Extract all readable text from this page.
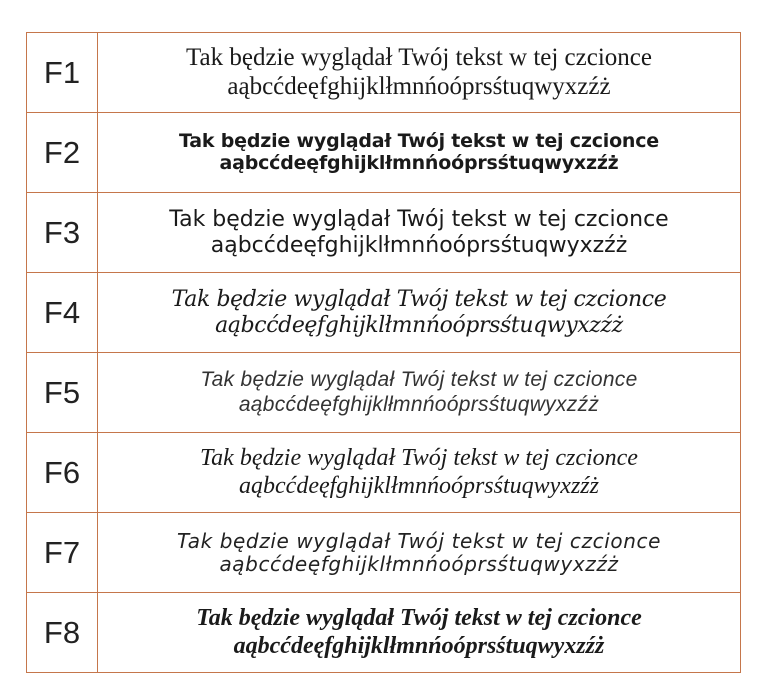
F1	Tak będzie wyglądał Twój tekst w tej czcionce
aąbcćdeęfghijklłmnńoóprsśtuqwyxzźż

F2	Tak będzie wyglądał Twój tekst w tej czcionce
aąbcćdeęfghijklłmnńoóprsśtuqwyxzźż

F3	Tak będzie wyglądał Twój tekst w tej czcionce
aąbcćdeęfghijklłmnńoóprsśtuqwyxzźż

F4	Tak będzie wyglądał Twój tekst w tej czcionce
aąbcćdeęfghijklłmnńoóprsśtuqwyxzźż

F5	Tak będzie wyglądał Twój tekst w tej czcionce
aąbcćdeęfghijklłmnńoóprsśtuqwyxzźż

F6	Tak będzie wyglądał Twój tekst w tej czcionce
aąbcćdeęfghijklłmnńoóprsśtuqwyxzźż

F7	Tak będzie wyglądał Twój tekst w tej czcionce
aąbcćdeęfghijklłmnńoóprsśtuqwyxzźż

F8	Tak będzie wyglądał Twój tekst w tej czcionce
aąbcćdeęfghijklłmnńoóprsśtuqwyxzźż
